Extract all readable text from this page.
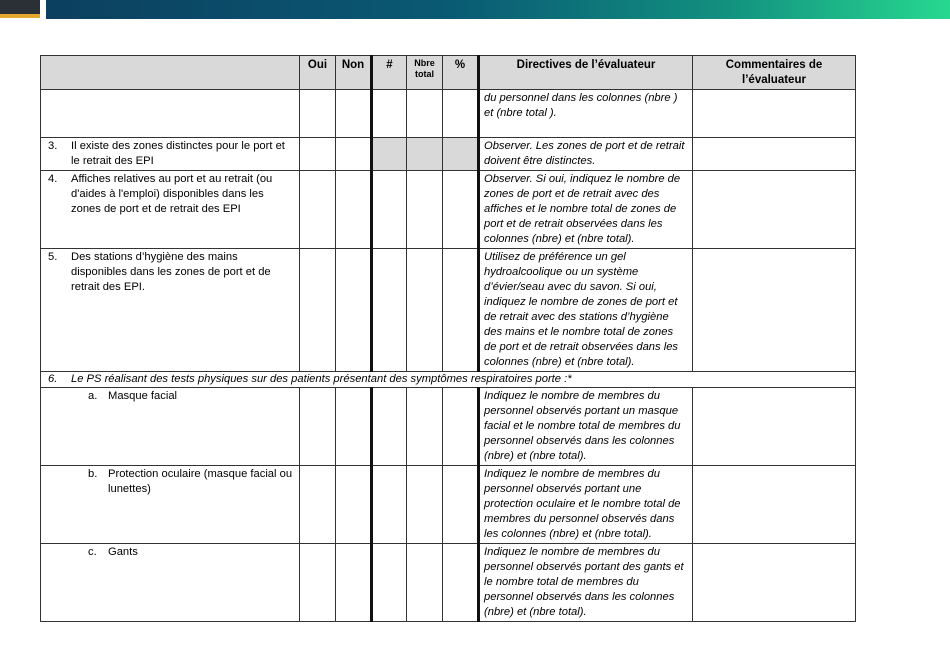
	Oui	Non	#	Nbre total	%	Directives de l’évaluateur	Commentaires de l’évaluateur
						du personnel dans les colonnes (nbre ) et (nbre total ).	

3. Il existe des zones distinctes pour le port et le retrait des EPI						Observer. Les zones de port et de retrait doivent être distinctes.	

4. Affiches relatives au port et au retrait (ou d'aides à l'emploi) disponibles dans les zones de port et de retrait des EPI						Observer. Si oui, indiquez le nombre de zones de port et de retrait avec des affiches et le nombre total de zones de port et de retrait observées dans les colonnes (nbre) et (nbre total).	

5. Des stations d’hygiène des mains disponibles dans les zones de port et de retrait des EPI.						Utilisez de préférence un gel hydroalcoolique ou un système d’évier/seau avec du savon. Si oui, indiquez le nombre de zones de port et de retrait avec des stations d’hygiène des mains et le nombre total de zones de port et de retrait observées dans les colonnes (nbre) et (nbre total).	

6. Le PS réalisant des tests physiques sur des patients présentant des symptômes respiratoires porte :*							

a. Masque facial						Indiquez le nombre de membres du personnel observés portant un masque facial et le nombre total de membres du personnel observés dans les colonnes (nbre) et (nbre total).	

b. Protection oculaire (masque facial ou lunettes)						Indiquez le nombre de membres du personnel observés portant une protection oculaire et le nombre total de membres du personnel observés dans les colonnes (nbre) et (nbre total).	

c. Gants						Indiquez le nombre de membres du personnel observés portant des gants et le nombre total de membres du personnel observés dans les colonnes (nbre) et (nbre total).	
